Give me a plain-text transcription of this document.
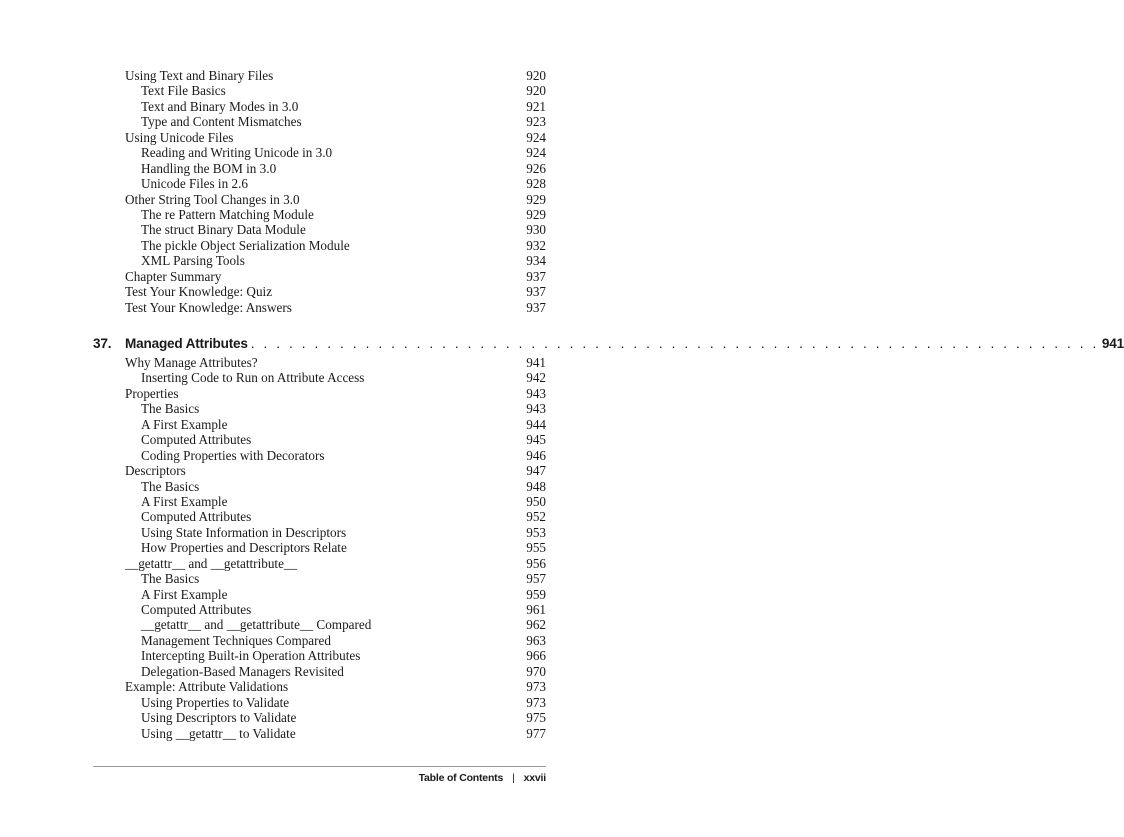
Using Text and Binary Files	920
Text File Basics	920
Text and Binary Modes in 3.0	921
Type and Content Mismatches	923
Using Unicode Files	924
Reading and Writing Unicode in 3.0	924
Handling the BOM in 3.0	926
Unicode Files in 2.6	928
Other String Tool Changes in 3.0	929
The re Pattern Matching Module	929
The struct Binary Data Module	930
The pickle Object Serialization Module	932
XML Parsing Tools	934
Chapter Summary	937
Test Your Knowledge: Quiz	937
Test Your Knowledge: Answers	937
37. Managed Attributes . . . . . . . . . . . . . . . . . . . . . . . . . . . . . . . . . . . . . . . . . . . . . . . . . . . . . . . . . . . . . . . . . . . 941
Why Manage Attributes?	941
Inserting Code to Run on Attribute Access	942
Properties	943
The Basics	943
A First Example	944
Computed Attributes	945
Coding Properties with Decorators	946
Descriptors	947
The Basics	948
A First Example	950
Computed Attributes	952
Using State Information in Descriptors	953
How Properties and Descriptors Relate	955
__getattr__ and __getattribute__	956
The Basics	957
A First Example	959
Computed Attributes	961
__getattr__ and __getattribute__ Compared	962
Management Techniques Compared	963
Intercepting Built-in Operation Attributes	966
Delegation-Based Managers Revisited	970
Example: Attribute Validations	973
Using Properties to Validate	973
Using Descriptors to Validate	975
Using __getattr__ to Validate	977
Table of Contents | xxvii
